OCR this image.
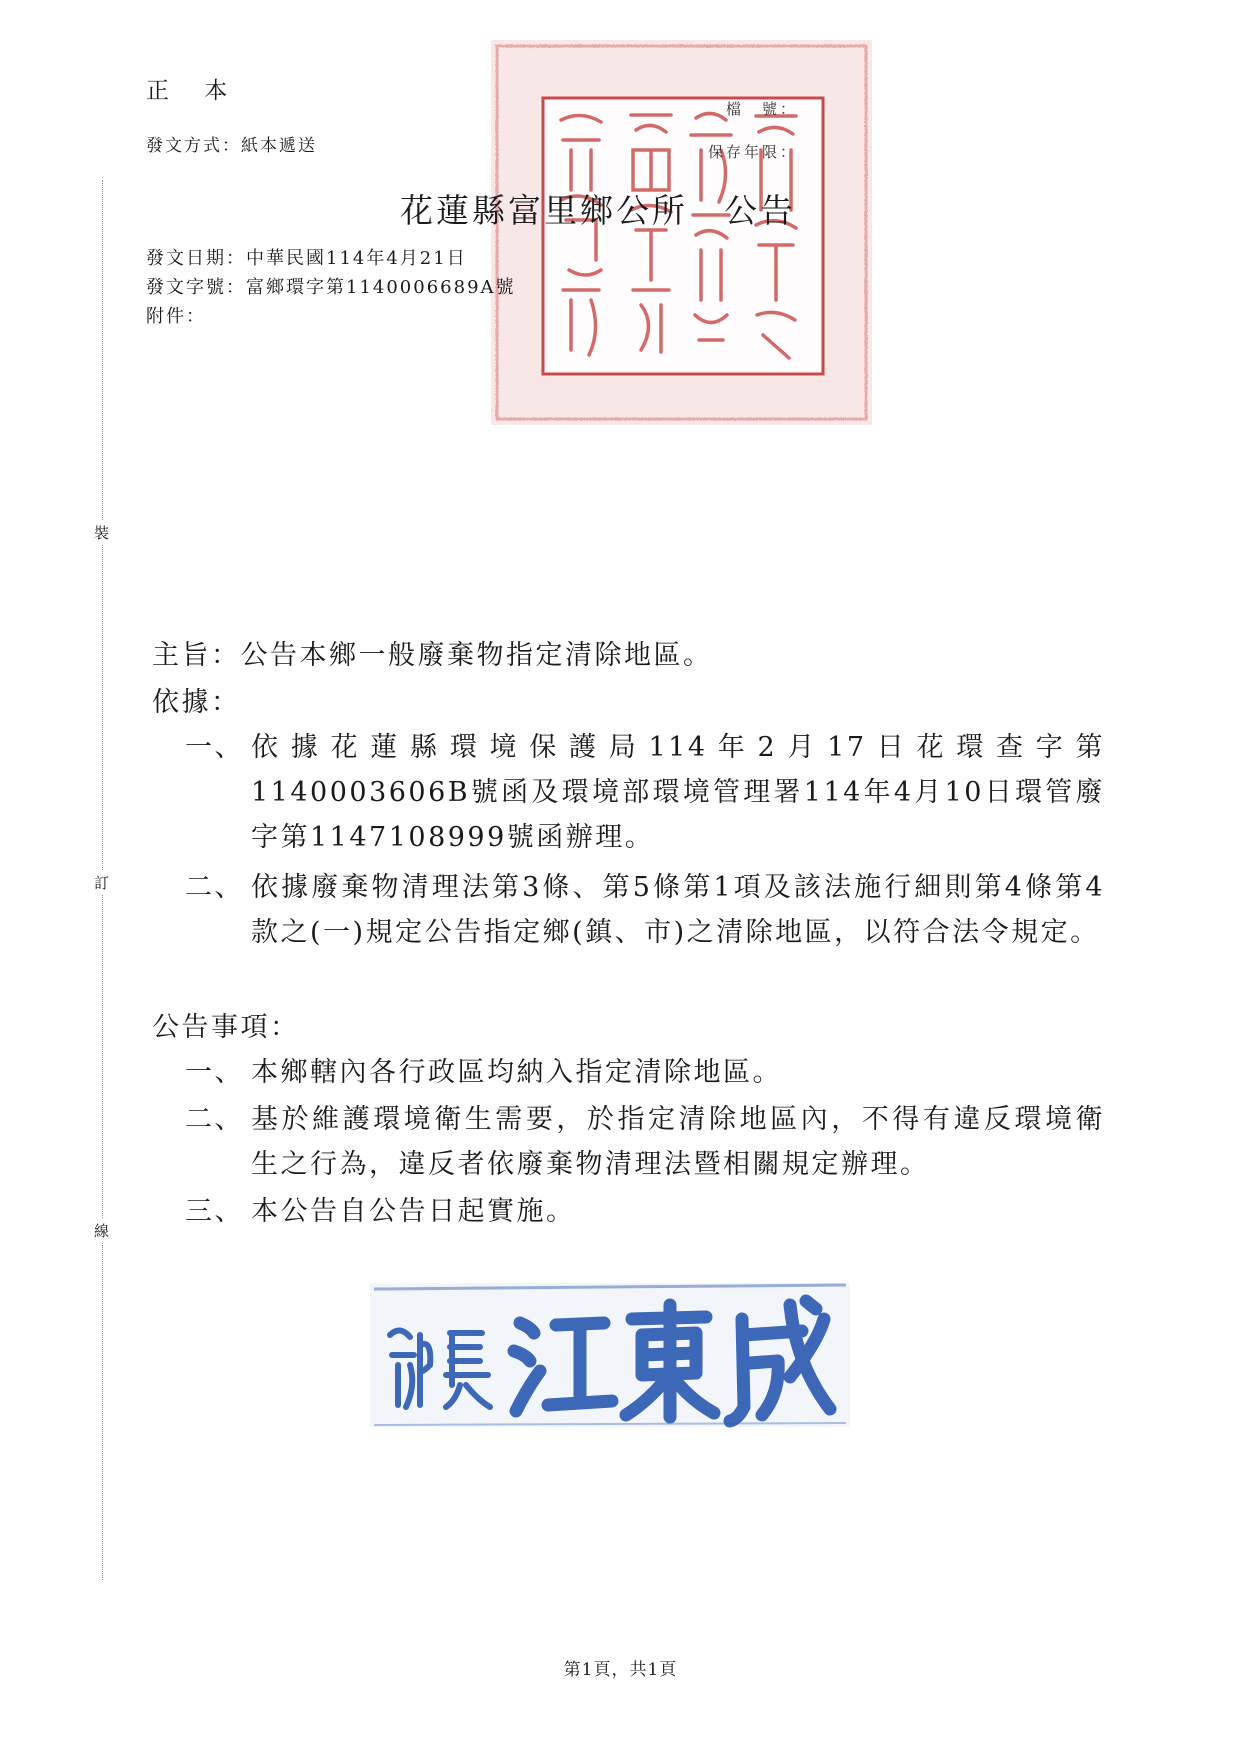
正 本
發文方式：紙本遞送
檔　號：
保存年限：
花蓮縣富里鄉公所　公告
發文日期：中華民國114年4月21日
發文字號：富鄉環字第1140006689A號
附件：
裝
訂
線
主旨：公告本鄉一般廢棄物指定清除地區。
依據：
一、 依據花蓮縣環境保護局114年2月17日花環查字第1140003606B號函及環境部環境管理署114年4月10日環管廢字第1147108999號函辦理。
二、 依據廢棄物清理法第3條、第5條第1項及該法施行細則第4條第4款之(一)規定公告指定鄉(鎮、市)之清除地區，以符合法令規定。
公告事項：
一、 本鄉轄內各行政區均納入指定清除地區。
二、 基於維護環境衛生需要，於指定清除地區內，不得有違反環境衛生之行為，違反者依廢棄物清理法暨相關規定辦理。
三、 本公告自公告日起實施。
第1頁，共1頁
